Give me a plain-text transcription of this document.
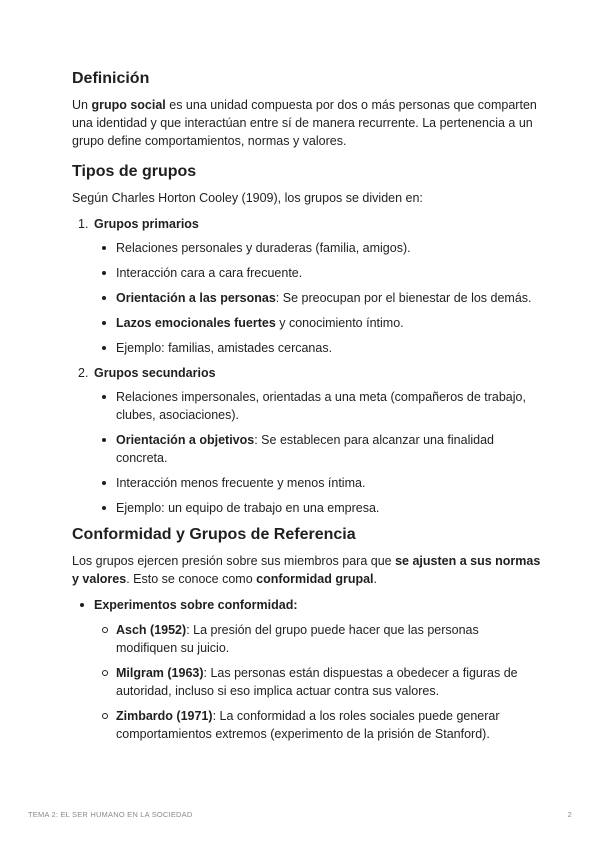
Definición

Un grupo social es una unidad compuesta por dos o más personas que comparten una identidad y que interactúan entre sí de manera recurrente. La pertenencia a un grupo define comportamientos, normas y valores.

Tipos de grupos

Según Charles Horton Cooley (1909), los grupos se dividen en:

1. Grupos primarios
Relaciones personales y duraderas (familia, amigos).
Interacción cara a cara frecuente.
Orientación a las personas: Se preocupan por el bienestar de los demás.
Lazos emocionales fuertes y conocimiento íntimo.
Ejemplo: familias, amistades cercanas.
2. Grupos secundarios
Relaciones impersonales, orientadas a una meta (compañeros de trabajo, clubes, asociaciones).
Orientación a objetivos: Se establecen para alcanzar una finalidad concreta.
Interacción menos frecuente y menos íntima.
Ejemplo: un equipo de trabajo en una empresa.
Conformidad y Grupos de Referencia

Los grupos ejercen presión sobre sus miembros para que se ajusten a sus normas y valores. Esto se conoce como conformidad grupal.

Experimentos sobre conformidad:
Asch (1952): La presión del grupo puede hacer que las personas modifiquen su juicio.
Milgram (1963): Las personas están dispuestas a obedecer a figuras de autoridad, incluso si eso implica actuar contra sus valores.
Zimbardo (1971): La conformidad a los roles sociales puede generar comportamientos extremos (experimento de la prisión de Stanford).
TEMA 2: EL SER HUMANO EN LA SOCIEDAD	2
